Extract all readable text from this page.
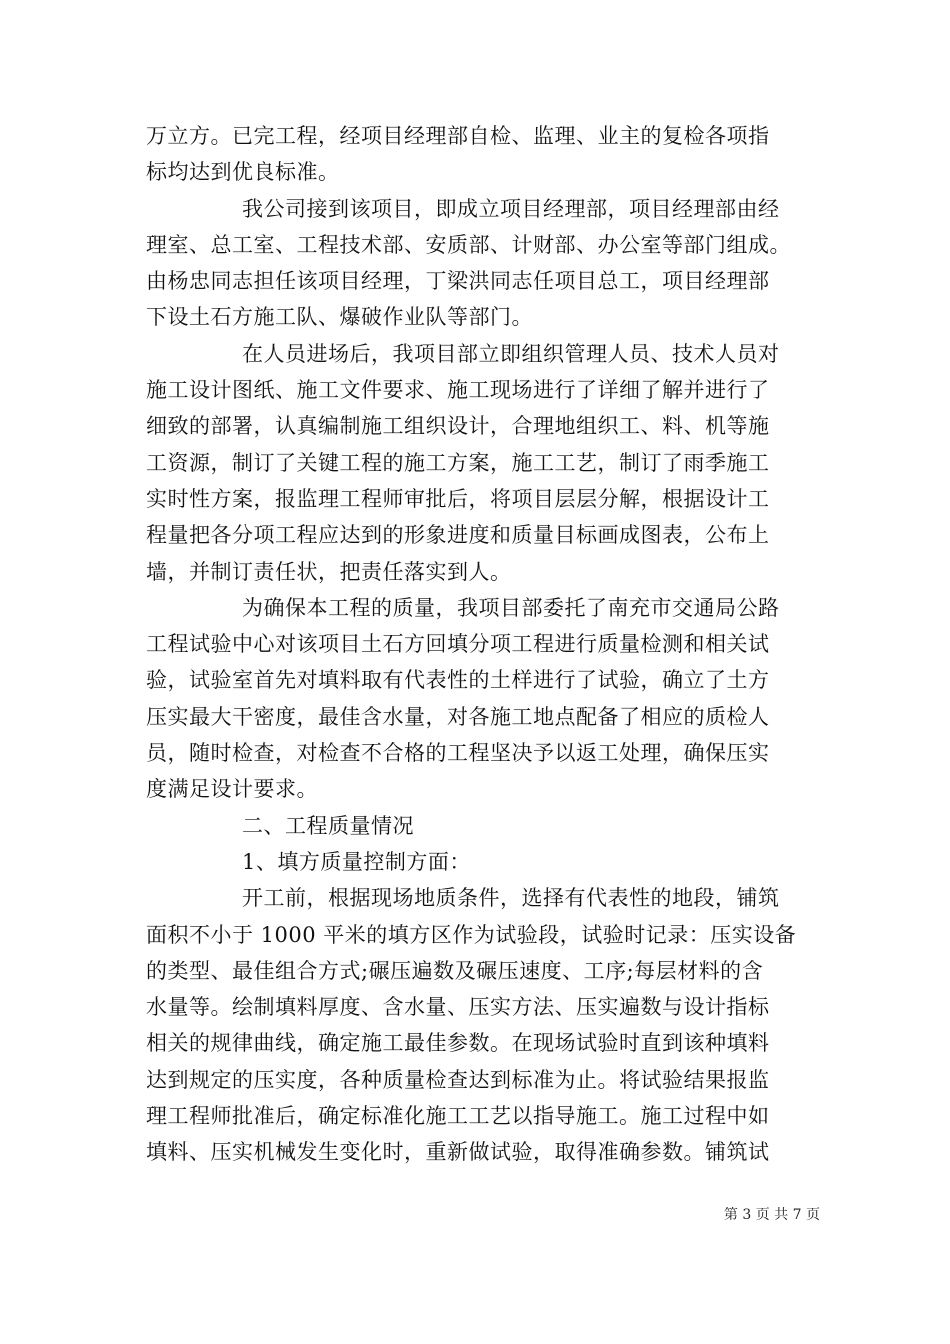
万立方。已完工程，经项目经理部自检、监理、业主的复检各项指
标均达到优良标准。
我公司接到该项目，即成立项目经理部，项目经理部由经
理室、总工室、工程技术部、安质部、计财部、办公室等部门组成。
由杨忠同志担任该项目经理，丁梁洪同志任项目总工，项目经理部
下设土石方施工队、爆破作业队等部门。
在人员进场后，我项目部立即组织管理人员、技术人员对
施工设计图纸、施工文件要求、施工现场进行了详细了解并进行了
细致的部署，认真编制施工组织设计，合理地组织工、料、机等施
工资源，制订了关键工程的施工方案，施工工艺，制订了雨季施工
实时性方案，报监理工程师审批后，将项目层层分解，根据设计工
程量把各分项工程应达到的形象进度和质量目标画成图表，公布上
墙，并制订责任状，把责任落实到人。
为确保本工程的质量，我项目部委托了南充市交通局公路
工程试验中心对该项目土石方回填分项工程进行质量检测和相关试
验，试验室首先对填料取有代表性的土样进行了试验，确立了土方
压实最大干密度，最佳含水量，对各施工地点配备了相应的质检人
员，随时检查，对检查不合格的工程坚决予以返工处理，确保压实
度满足设计要求。
二、工程质量情况
1、填方质量控制方面：
开工前，根据现场地质条件，选择有代表性的地段，铺筑
面积不小于 1000 平米的填方区作为试验段，试验时记录：压实设备
的类型、最佳组合方式;碾压遍数及碾压速度、工序;每层材料的含
水量等。绘制填料厚度、含水量、压实方法、压实遍数与设计指标
相关的规律曲线，确定施工最佳参数。在现场试验时直到该种填料
达到规定的压实度，各种质量检查达到标准为止。将试验结果报监
理工程师批准后，确定标准化施工工艺以指导施工。施工过程中如
填料、压实机械发生变化时，重新做试验，取得准确参数。铺筑试
第 3 页 共 7 页
